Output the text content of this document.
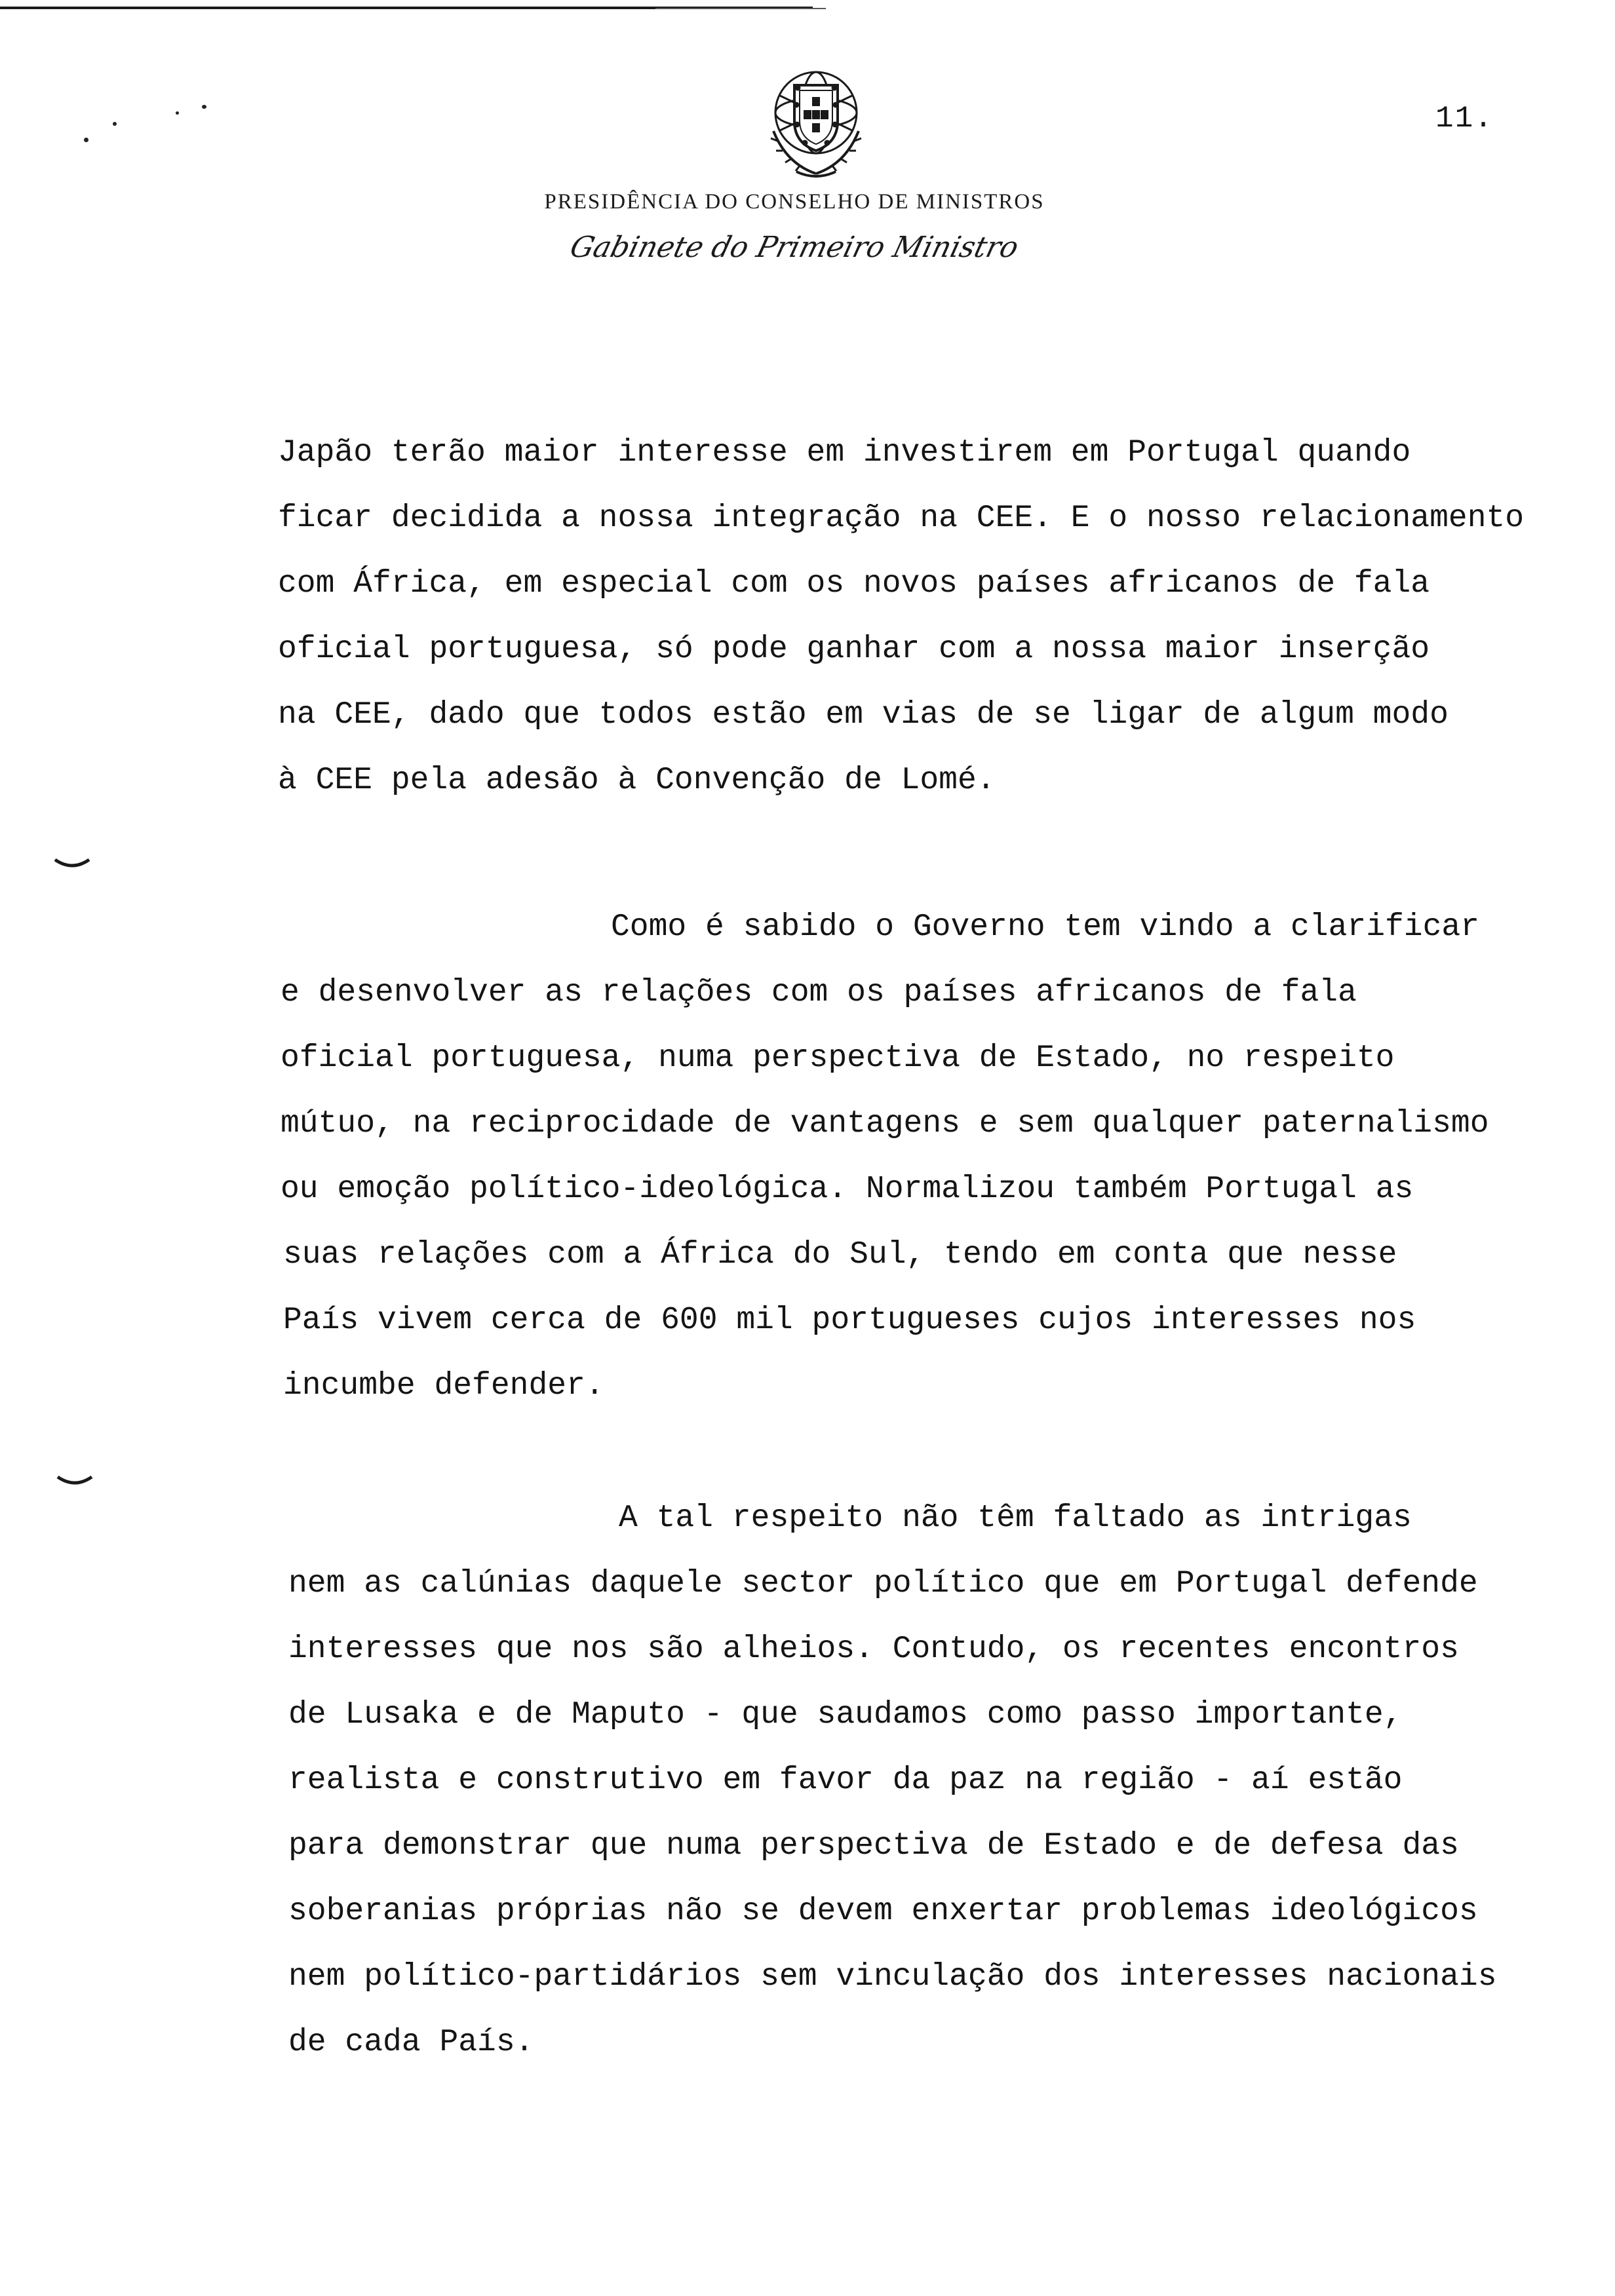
11.
PRESIDÊNCIA DO CONSELHO DE MINISTROS
Gabinete do Primeiro Ministro

Japão terão maior interesse em investirem em Portugal quando

ficar decidida a nossa integração na CEE. E o nosso relacionamento

com África, em especial com os novos países africanos de fala

oficial portuguesa, só pode ganhar com a nossa maior inserção

na CEE, dado que todos estão em vias de se ligar de algum modo

à CEE pela adesão à Convenção de Lomé.

Como é sabido o Governo tem vindo a clarificar

e desenvolver as relações com os países africanos de fala

oficial portuguesa, numa perspectiva de Estado, no respeito

mútuo, na reciprocidade de vantagens e sem qualquer paternalismo

ou emoção político-ideológica. Normalizou também Portugal as

suas relações com a África do Sul, tendo em conta que nesse

País vivem cerca de 600 mil portugueses cujos interesses nos

incumbe defender.

A tal respeito não têm faltado as intrigas

nem as calúnias daquele sector político que em Portugal defende

interesses que nos são alheios. Contudo, os recentes encontros

de Lusaka e de Maputo - que saudamos como passo importante,

realista e construtivo em favor da paz na região - aí estão

para demonstrar que numa perspectiva de Estado e de defesa das

soberanias próprias não se devem enxertar problemas ideológicos

nem político-partidários sem vinculação dos interesses nacionais

de cada País.
